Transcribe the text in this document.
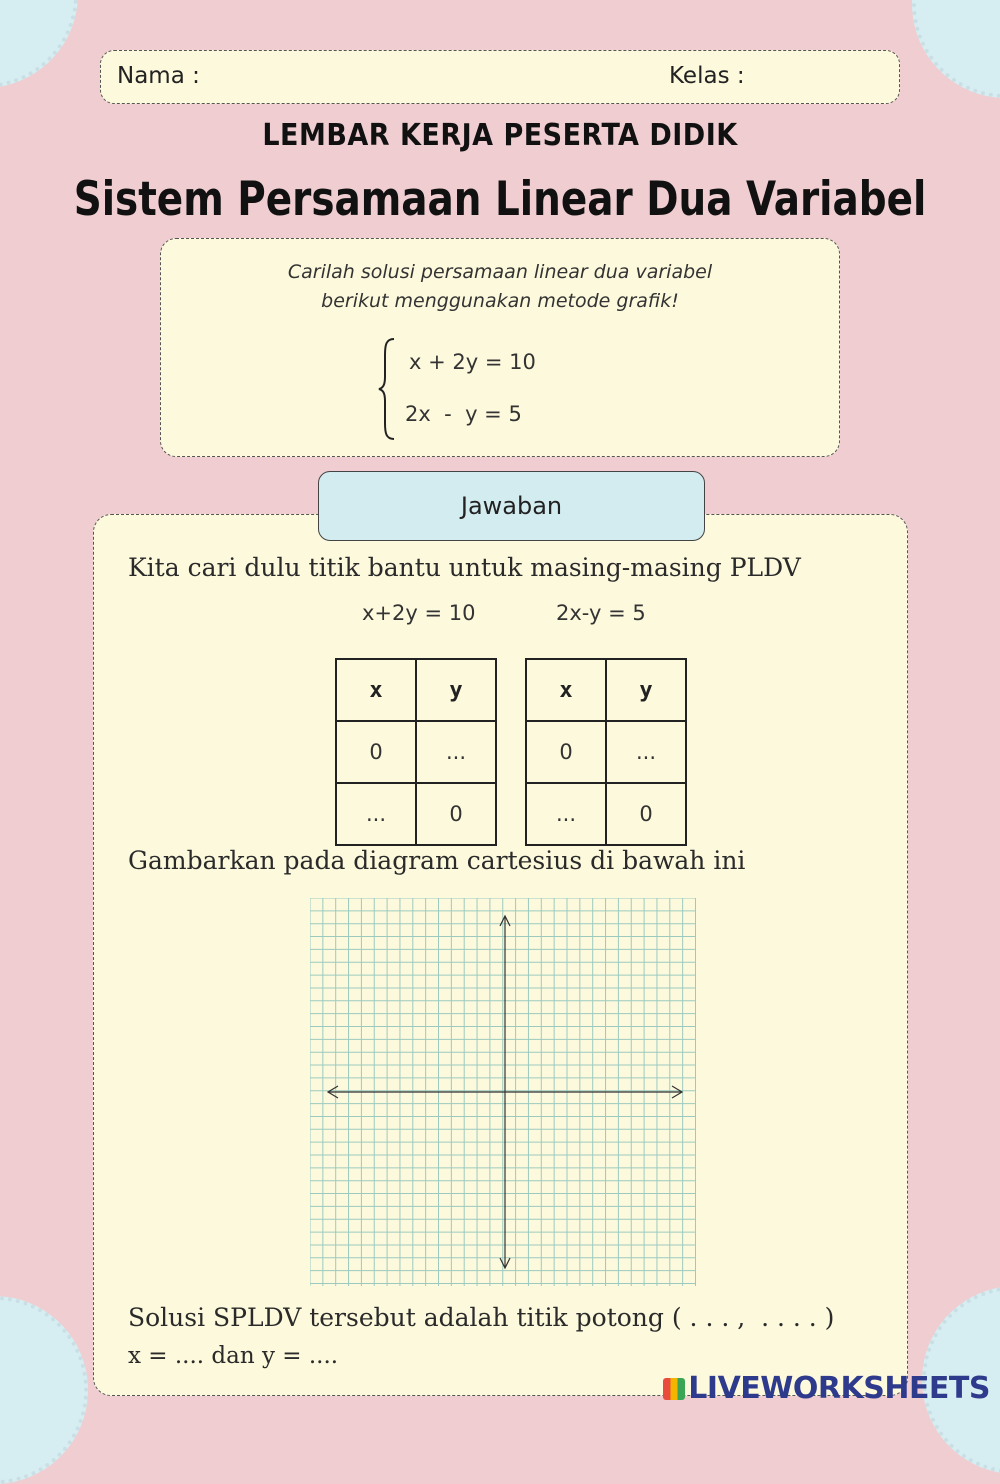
Nama :	Kelas :
LEMBAR KERJA PESERTA DIDIK
Sistem Persamaan Linear Dua Variabel
Carilah solusi persamaan linear dua variabel
berikut menggunakan metode grafik!
x + 2y = 10
2x  -  y = 5
Jawaban
Kita cari dulu titik bantu untuk masing-masing PLDV
x+2y = 10	2x-y = 5
x	y
0	...
...	0
x	y
0	...
...	0
Gambarkan pada diagram cartesius di bawah ini
Solusi SPLDV tersebut adalah titik potong ( . . . ,  . . . . )
x = .... dan y = ....
LIVEWORKSHEETS
